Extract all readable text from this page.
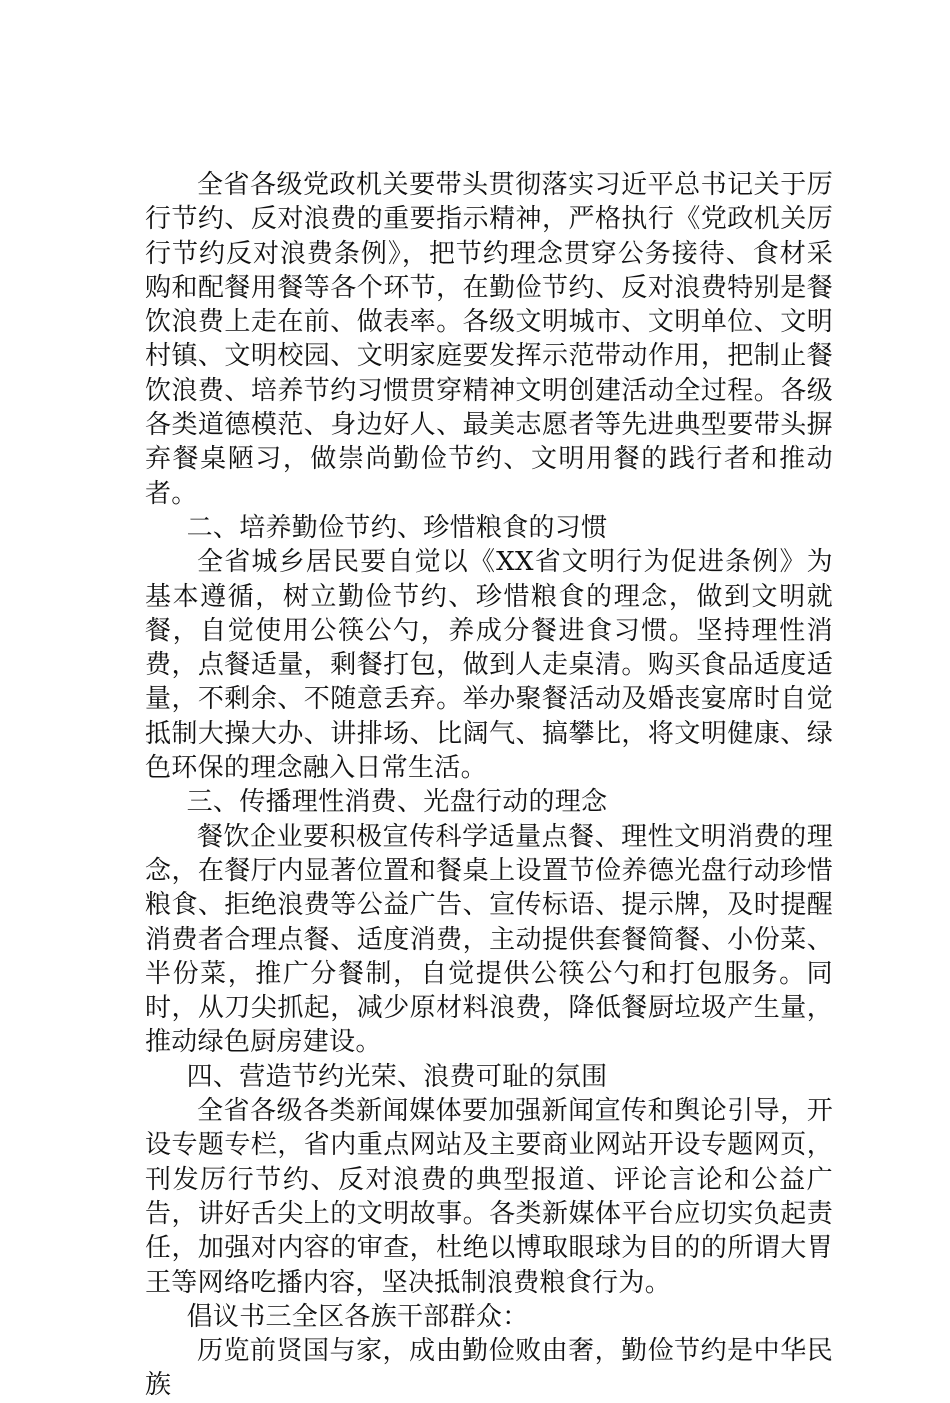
全省各级党政机关要带头贯彻落实习近平总书记关于厉行节约、反对浪费的重要指示精神，严格执行《党政机关厉行节约反对浪费条例》，把节约理念贯穿公务接待、食材采购和配餐用餐等各个环节，在勤俭节约、反对浪费特别是餐饮浪费上走在前、做表率。各级文明城市、文明单位、文明村镇、文明校园、文明家庭要发挥示范带动作用，把制止餐饮浪费、培养节约习惯贯穿精神文明创建活动全过程。各级各类道德模范、身边好人、最美志愿者等先进典型要带头摒弃餐桌陋习，做崇尚勤俭节约、文明用餐的践行者和推动者。

二、培养勤俭节约、珍惜粮食的习惯

全省城乡居民要自觉以《XX省文明行为促进条例》为基本遵循，树立勤俭节约、珍惜粮食的理念，做到文明就餐，自觉使用公筷公勺，养成分餐进食习惯。坚持理性消费，点餐适量，剩餐打包，做到人走桌清。购买食品适度适量，不剩余、不随意丢弃。举办聚餐活动及婚丧宴席时自觉抵制大操大办、讲排场、比阔气、搞攀比，将文明健康、绿色环保的理念融入日常生活。

三、传播理性消费、光盘行动的理念

餐饮企业要积极宣传科学适量点餐、理性文明消费的理念，在餐厅内显著位置和餐桌上设置节俭养德光盘行动珍惜粮食、拒绝浪费等公益广告、宣传标语、提示牌，及时提醒消费者合理点餐、适度消费，主动提供套餐简餐、小份菜、半份菜，推广分餐制，自觉提供公筷公勺和打包服务。同时，从刀尖抓起，减少原材料浪费，降低餐厨垃圾产生量，推动绿色厨房建设。

四、营造节约光荣、浪费可耻的氛围

全省各级各类新闻媒体要加强新闻宣传和舆论引导，开设专题专栏，省内重点网站及主要商业网站开设专题网页，刊发厉行节约、反对浪费的典型报道、评论言论和公益广告，讲好舌尖上的文明故事。各类新媒体平台应切实负起责任，加强对内容的审查，杜绝以博取眼球为目的的所谓大胃王等网络吃播内容，坚决抵制浪费粮食行为。

倡议书三全区各族干部群众：

历览前贤国与家，成由勤俭败由奢，勤俭节约是中华民族
